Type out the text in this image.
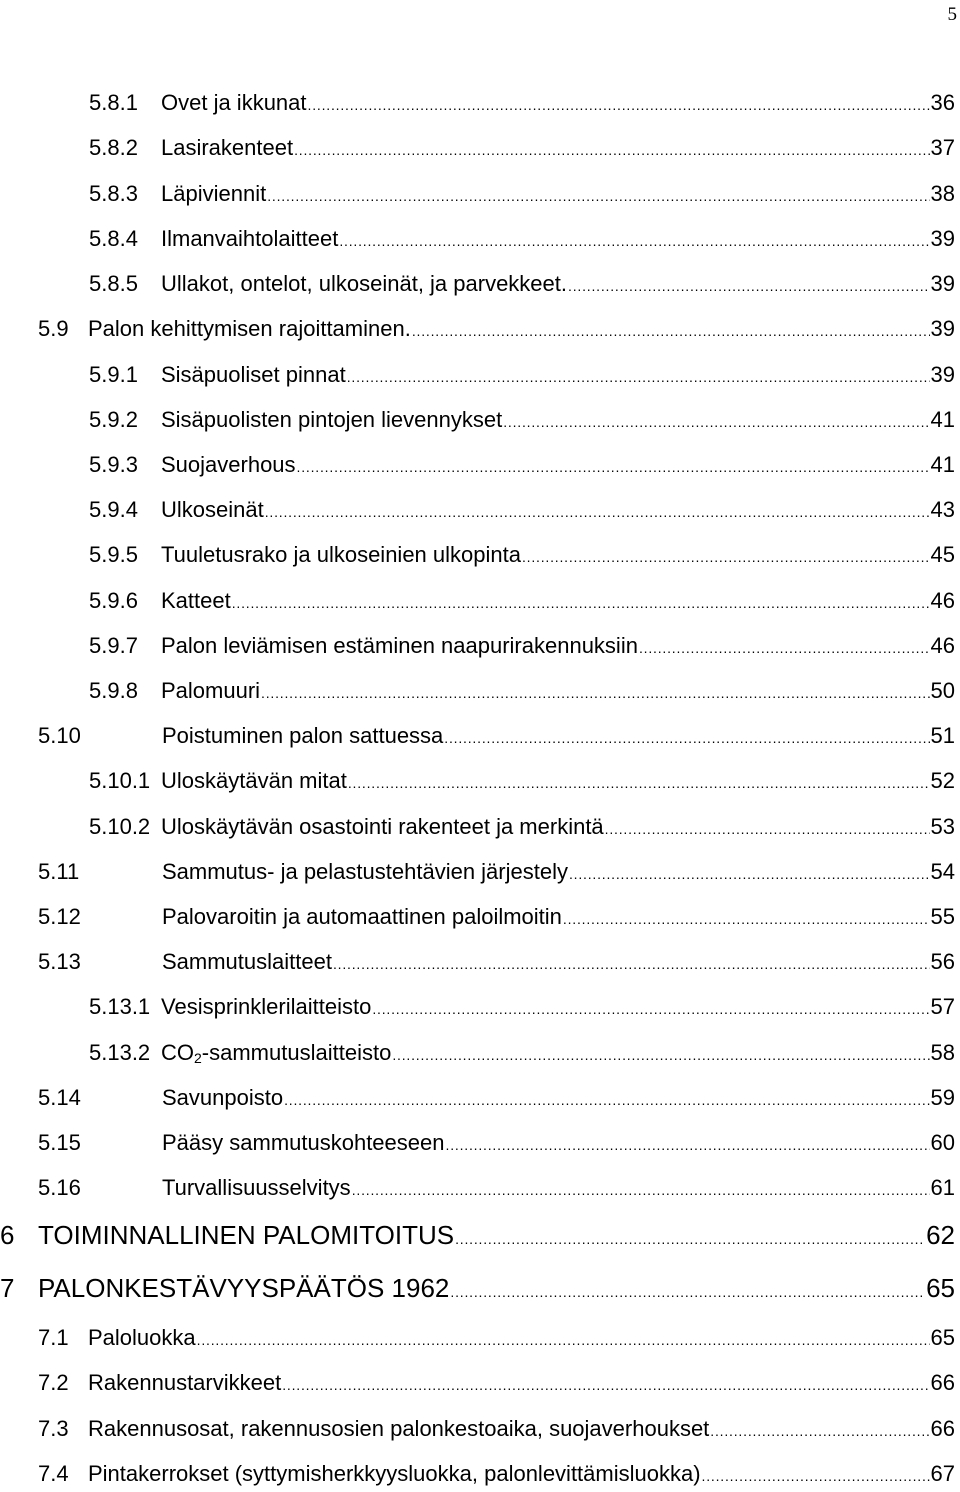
5
5.8.1	Ovet ja ikkunat .....	36
5.8.2	Lasirakenteet .....	37
5.8.3	Läpiviennit .....	38
5.8.4	Ilmanvaihtolaitteet .....	39
5.8.5	Ullakot, ontelot, ulkoseinät, ja parvekkeet. .....	39
5.9 Palon kehittymisen rajoittaminen. .....	39
5.9.1	Sisäpuoliset pinnat .....	39
5.9.2	Sisäpuolisten pintojen lievennykset .....	41
5.9.3	Suojaverhous .....	41
5.9.4	Ulkoseinät .....	43
5.9.5	Tuuletusrako ja ulkoseinien ulkopinta .....	45
5.9.6	Katteet .....	46
5.9.7	Palon leviämisen estäminen naapurirakennuksiin .....	46
5.9.8	Palomuuri .....	50
5.10	Poistuminen palon sattuessa .....	51
5.10.1 Uloskäytävän mitat .....	52
5.10.2 Uloskäytävän osastointi rakenteet ja merkintä .....	53
5.11	Sammutus- ja pelastustehtävien järjestely .....	54
5.12	Palovaroitin ja automaattinen paloilmoitin .....	55
5.13	Sammutuslaitteet .....	56
5.13.1 Vesisprinklerilaitteisto .....	57
5.13.2 $CO_2$-sammutuslaitteisto .....	58
5.14	Savunpoisto .....	59
5.15	Pääsy sammutuskohteeseen .....	60
5.16	Turvallisuusselvitys .....	61
6 TOIMINNALLINEN PALOMITOITUS .....	62
7 PALONKESTÄVYYSPÄÄTÖS 1962 .....	65
7.1 Paloluokka .....	65
7.2 Rakennustarvikkeet .....	66
7.3 Rakennusosat, rakennusosien palonkestoaika, suojaverhoukset .....	66
7.4 Pintakerrokset (syttymisherkkyysluokka, palonlevittämisluokka) .....	67
